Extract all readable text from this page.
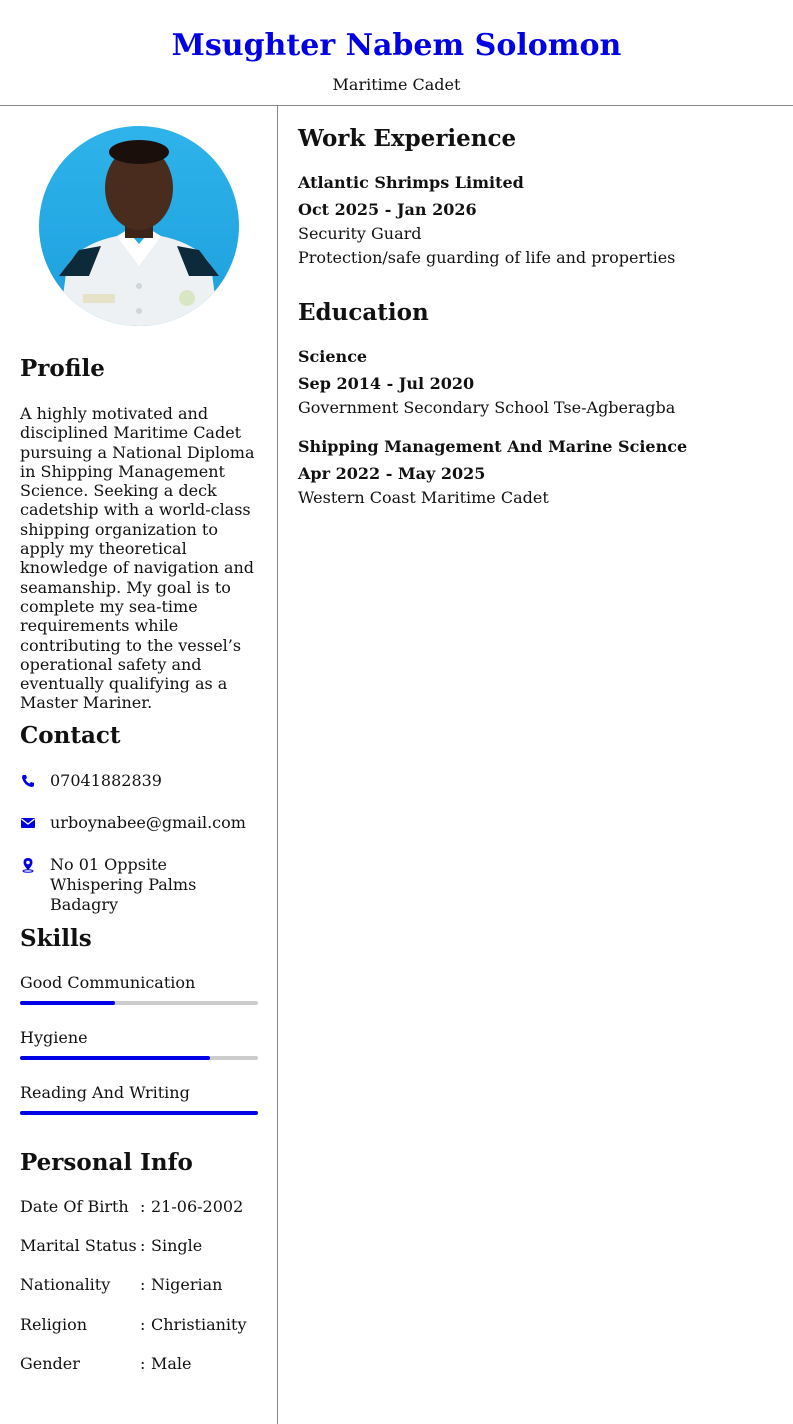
Msughter Nabem Solomon
Maritime Cadet
Profile
A highly motivated and disciplined Maritime Cadet pursuing a National Diploma in Shipping Management Science. Seeking a deck cadetship with a world-class shipping organization to apply my theoretical knowledge of navigation and seamanship. My goal is to complete my sea-time requirements while contributing to the vessel’s operational safety and eventually qualifying as a Master Mariner.
Contact
07041882839
urboynabee@gmail.com
No 01 Oppsite Whispering Palms Badagry
Skills
Good Communication
Hygiene
Reading And Writing
Personal Info
Date Of Birth : 21-06-2002
Marital Status : Single
Nationality : Nigerian
Religion	: Christianity
Gender	: Male
Work Experience
Atlantic Shrimps Limited
Oct 2025 - Jan 2026
Security Guard
Protection/safe guarding of life and properties
Education
Science
Sep 2014 - Jul 2020
Government Secondary School Tse-Agberagba
Shipping Management And Marine Science
Apr 2022 - May 2025
Western Coast Maritime Cadet
